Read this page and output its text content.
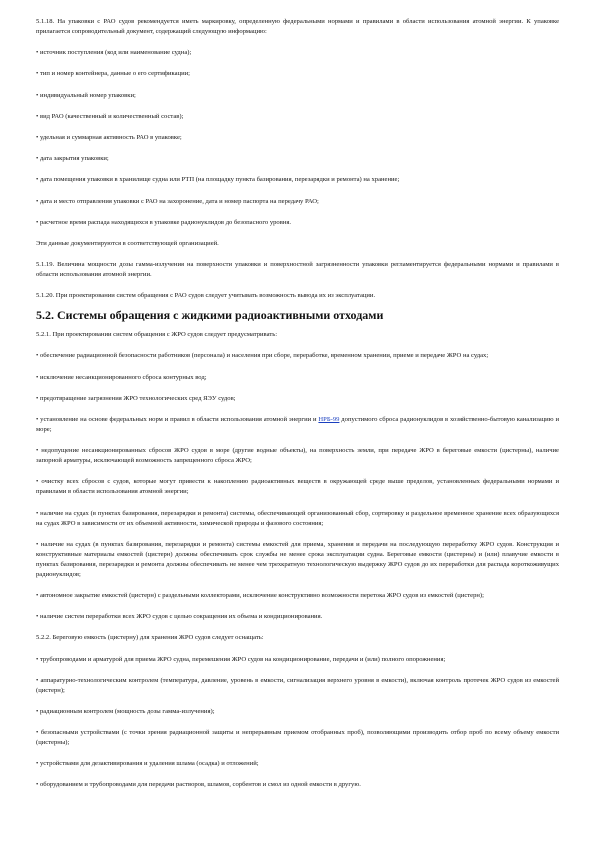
5.1.18. На упаковки с РАО судов рекомендуется иметь маркировку, определенную федеральными нормами и правилами в области использования атомной энергии. К упаковке прилагается сопроводительный документ, содержащий следующую информацию:

• источник поступления (код или наименование судна);

• тип и номер контейнера, данные о его сертификации;

• индивидуальный номер упаковки;

• вид РАО (качественный и количественный состав);

• удельная и суммарная активность РАО в упаковке;

• дата закрытия упаковки;

• дата помещения упаковки в хранилище судна или РТП (на площадку пункта базирования, перезарядки и ремонта) на хранение;

• дата и место отправления упаковки с РАО на захоронение, дата и номер паспорта на передачу РАО;

• расчетное время распада находящихся в упаковке радионуклидов до безопасного уровня.

Эти данные документируются в соответствующей организацией.

5.1.19. Величина мощности дозы гамма-излучения на поверхности упаковки и поверхностной загрязненности упаковки регламентируется федеральными нормами и правилами в области использования атомной энергии.

5.1.20. При проектировании систем обращения с РАО судов следует учитывать возможность вывода их из эксплуатации.

5.2. Системы обращения с жидкими радиоактивными отходами

5.2.1. При проектировании систем обращения с ЖРО судов следует предусматривать:

• обеспечение радиационной безопасности работников (персонала) и населения при сборе, переработке, временном хранении, приеме и передаче ЖРО на судах;

• исключение несанкционированного сброса контурных вод;

• предотвращение загрязнения ЖРО технологических сред ЯЭУ судов;

• установление на основе федеральных норм и правил в области использования атомной энергии и НРБ-99 допустимого сброса радионуклидов в хозяйственно-бытовую канализацию и море;

• недопущение несанкционированных сбросов ЖРО судов в море (другие водные объекты), на поверхность земли, при передаче ЖРО в береговые емкости (цистерны), наличие запорной арматуры, исключающей возможность запрещенного сброса ЖРО;

• очистку всех сбросов с судов, которые могут привести к накоплению радиоактивных веществ в окружающей среде выше пределов, установленных федеральными нормами и правилами в области использования атомной энергии;

• наличие на судах (в пунктах базирования, перезарядки и ремонта) системы, обеспечивающей организованный сбор, сортировку и раздельное временное хранение всех образующихся на судах ЖРО в зависимости от их объемной активности, химической природы и фазового состояния;

• наличие на судах (в пунктах базирования, перезарядки и ремонта) системы емкостей для приема, хранения и передачи на последующую переработку ЖРО судов. Конструкция и конструктивные материалы емкостей (цистерн) должны обеспечивать срок службы не менее срока эксплуатации судна. Береговые емкости (цистерны) и (или) плавучие емкости в пунктах базирования, перезарядки и ремонта должны обеспечивать не менее чем трехкратную технологическую выдержку ЖРО судов до их переработки для распада короткоживущих радионуклидов;

• автономное закрытие емкостей (цистерн) с раздельными коллекторами, исключение конструктивно возможности перетока ЖРО судов из емкостей (цистерн);

• наличие систем переработки всех ЖРО судов с целью сокращения их объема и кондиционирования.

5.2.2. Береговую емкость (цистерну) для хранения ЖРО судов следует оснащать:

• трубопроводами и арматурой для приема ЖРО судна, перемешения ЖРО судов на кондиционирование, передачи и (или) полного опорожнения;

• аппаратурно-технологическим контролем (температура, давление, уровень в емкости, сигнализация верхнего уровня в емкости), включая контроль протечек ЖРО судов из емкостей (цистерн);

• радиационным контролем (мощность дозы гамма-излучения);

• безопасными устройствами (с точки зрения радиационной защиты и непрерывным приемом отобранных проб), позволяющими производить отбор проб по всему объему емкости (цистерны);

• устройствами для дезактивирования и удаления шлама (осадка) и отложений;

• оборудованием и трубопроводами для передачи растворов, шламов, сорбентов и смол из одной емкости в другую.
